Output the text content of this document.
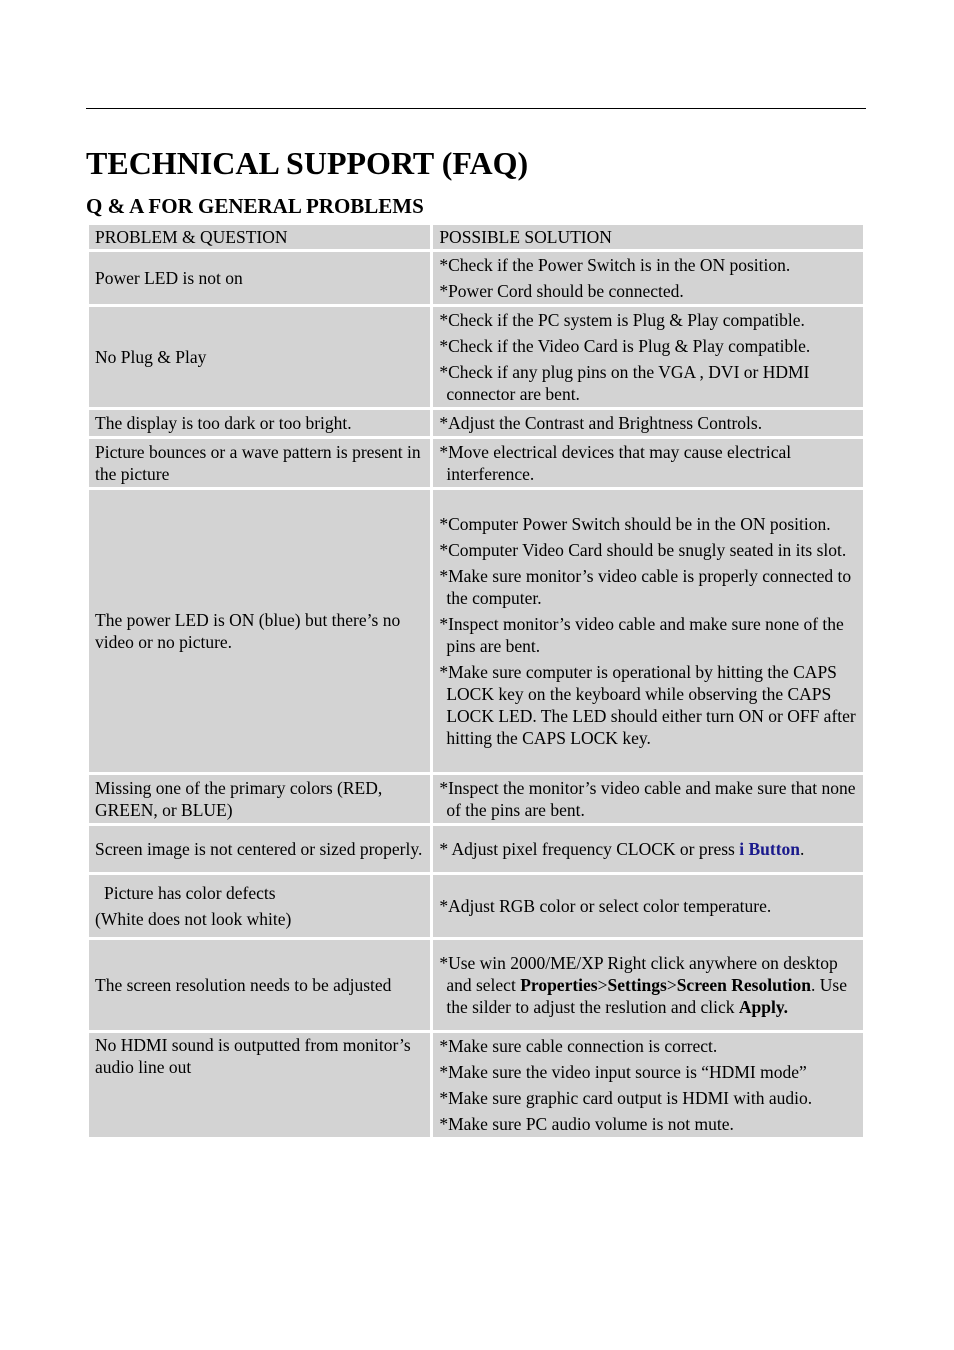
TECHNICAL SUPPORT (FAQ)
Q & A FOR GENERAL PROBLEMS
PROBLEM & QUESTION	POSSIBLE SOLUTION
Power LED is not on	*Check if the Power Switch is in the ON position.
*Power Cord should be connected.

No Plug & Play	*Check if the PC system is Plug & Play compatible.
*Check if the Video Card is Plug & Play compatible.
*Check if any plug pins on the VGA , DVI or HDMI connector are bent.

The display is too dark or too bright.	*Adjust the Contrast and Brightness Controls.

Picture bounces or a wave pattern is present in the picture	*Move electrical devices that may cause electrical interference.

The power LED is ON (blue) but there’s no video or no picture.	*Computer Power Switch should be in the ON position.
*Computer Video Card should be snugly seated in its slot.
*Make sure monitor’s video cable is properly connected to the computer.
*Inspect monitor’s video cable and make sure none of the pins are bent.
*Make sure computer is operational by hitting the CAPS LOCK key on the keyboard while observing the CAPS LOCK LED. The LED should either turn ON or OFF after hitting the CAPS LOCK key.

Missing one of the primary colors (RED, GREEN, or BLUE)	*Inspect the monitor’s video cable and make sure that none of the pins are bent.

Screen image is not centered or sized properly.	* Adjust pixel frequency CLOCK or press i Button.

Picture has color defects
(White does not look white)	*Adjust RGB color or select color temperature.

The screen resolution needs to be adjusted	*Use win 2000/ME/XP Right click anywhere on desktop and select Properties>Settings>Screen Resolution. Use the silder to adjust the reslution and click Apply.

No HDMI sound is outputted from monitor’s audio line out	*Make sure cable connection is correct.
*Make sure the video input source is “HDMI mode”
*Make sure graphic card output is HDMI with audio.
*Make sure PC audio volume is not mute.
